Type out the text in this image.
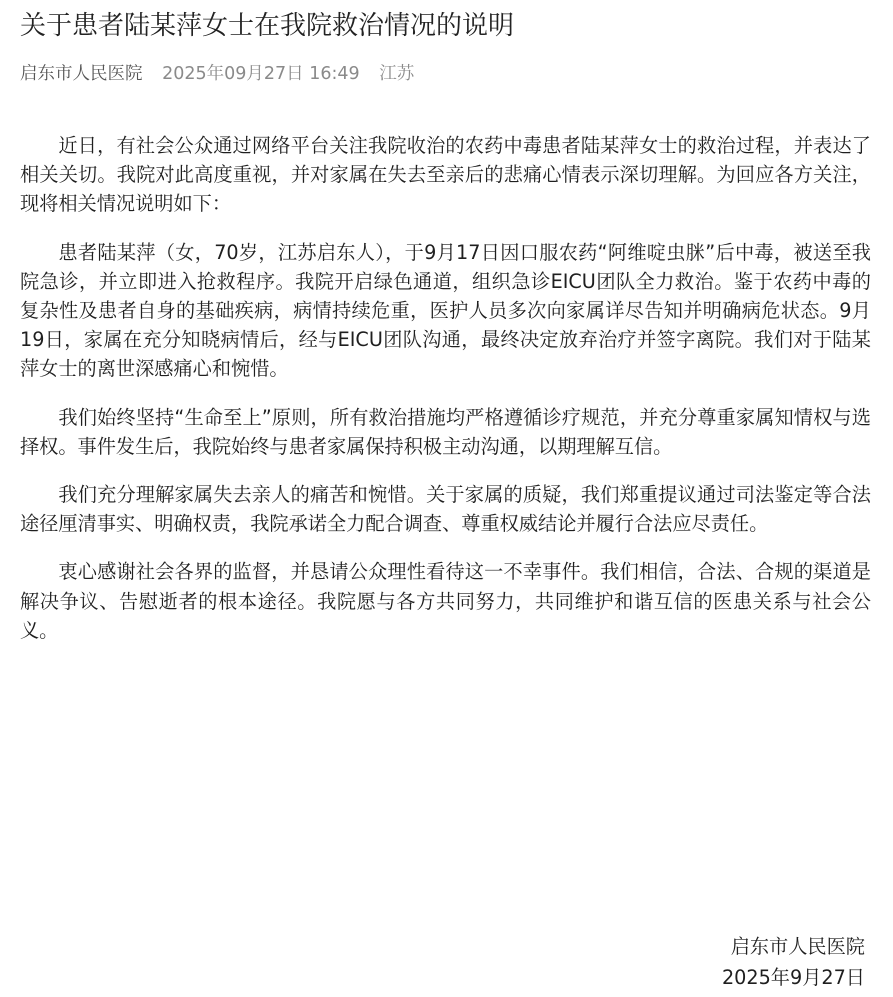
关于患者陆某萍女士在我院救治情况的说明
启东市人民医院 2025年09月27日 16:49 江苏

近日，有社会公众通过网络平台关注我院收治的农药中毒患者陆某萍女士的救治过程，并表达了相关关切。我院对此高度重视，并对家属在失去至亲后的悲痛心情表示深切理解。为回应各方关注，现将相关情况说明如下：

患者陆某萍（女，70岁，江苏启东人），于9月17日因口服农药“阿维啶虫脒”后中毒，被送至我院急诊，并立即进入抢救程序。我院开启绿色通道，组织急诊EICU团队全力救治。鉴于农药中毒的复杂性及患者自身的基础疾病，病情持续危重，医护人员多次向家属详尽告知并明确病危状态。9月19日，家属在充分知晓病情后，经与EICU团队沟通，最终决定放弃治疗并签字离院。我们对于陆某萍女士的离世深感痛心和惋惜。

我们始终坚持“生命至上”原则，所有救治措施均严格遵循诊疗规范，并充分尊重家属知情权与选择权。事件发生后，我院始终与患者家属保持积极主动沟通，以期理解互信。

我们充分理解家属失去亲人的痛苦和惋惜。关于家属的质疑，我们郑重提议通过司法鉴定等合法途径厘清事实、明确权责，我院承诺全力配合调查、尊重权威结论并履行合法应尽责任。

衷心感谢社会各界的监督，并恳请公众理性看待这一不幸事件。我们相信，合法、合规的渠道是解决争议、告慰逝者的根本途径。我院愿与各方共同努力，共同维护和谐互信的医患关系与社会公义。

启东市人民医院
2025年9月27日
